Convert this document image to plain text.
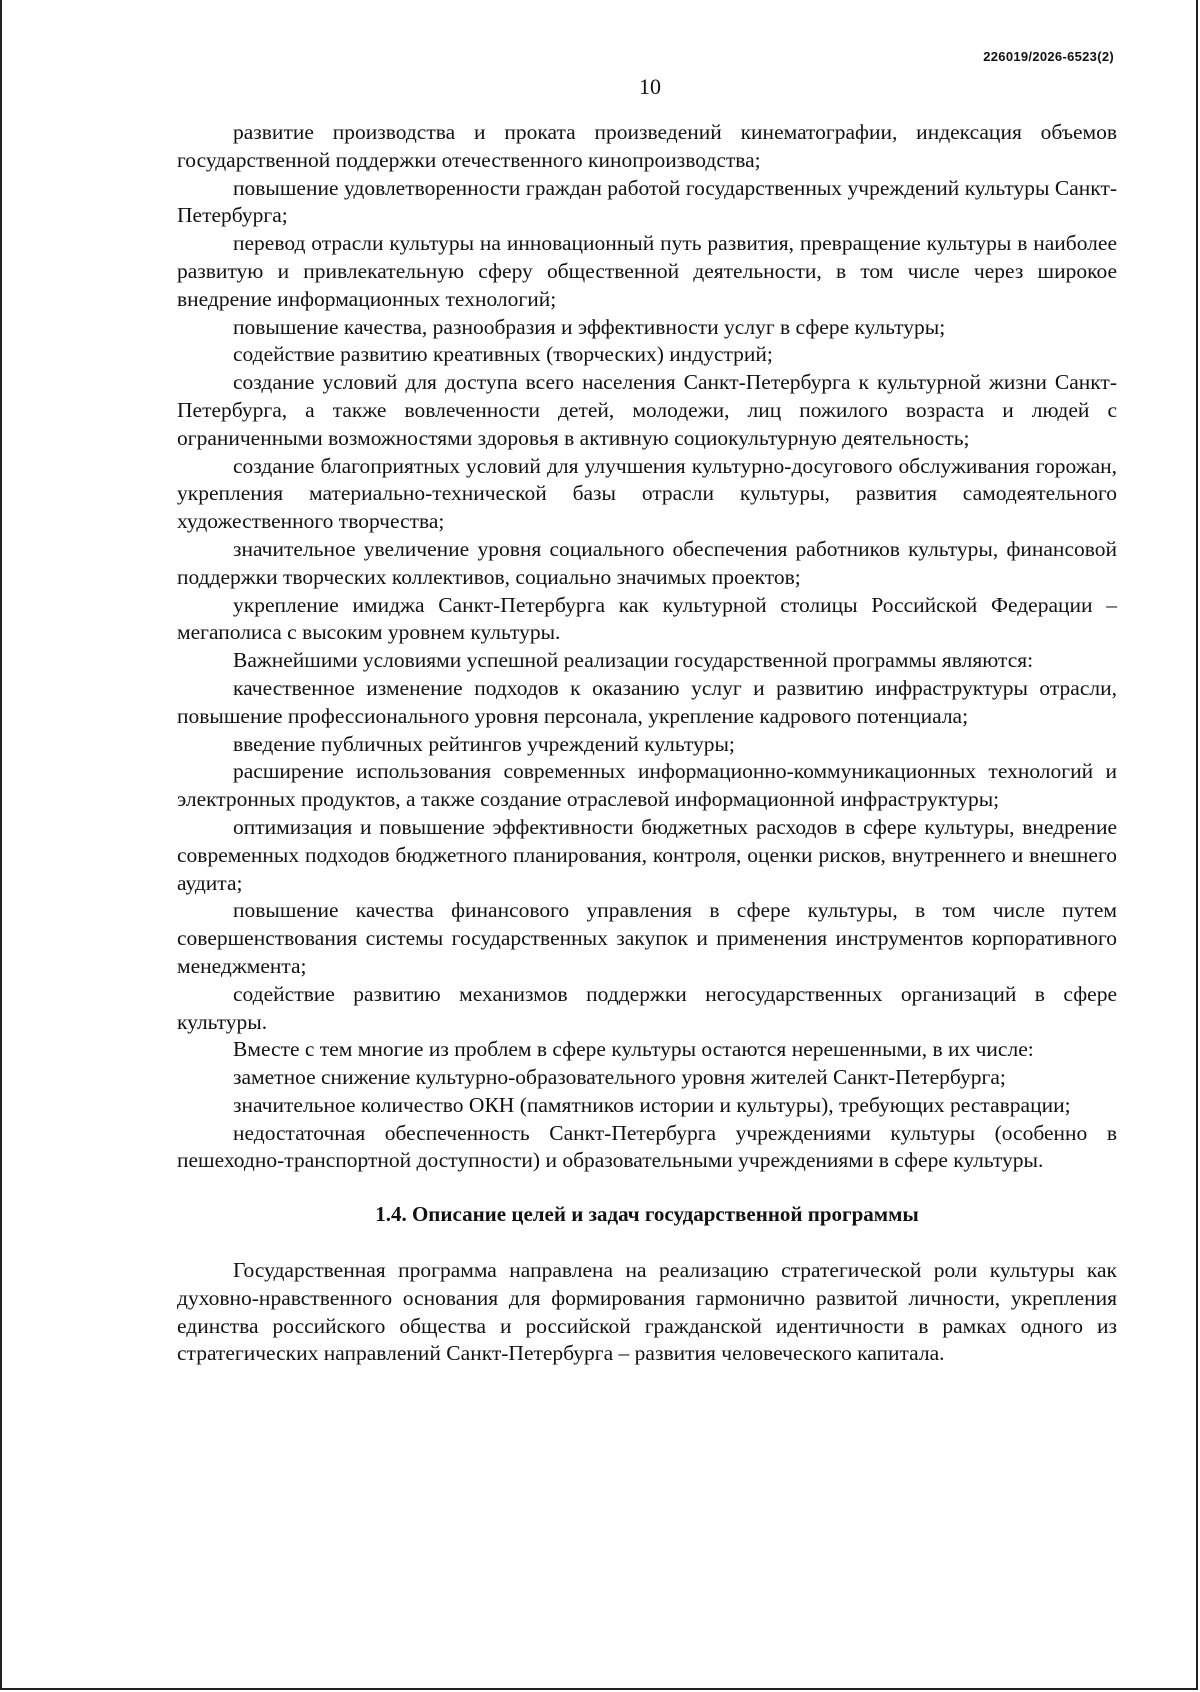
226019/2026-6523(2)
10

развитие производства и проката произведений кинематографии, индексация объемов государственной поддержки отечественного кинопроизводства;

повышение удовлетворенности граждан работой государственных учреждений культуры Санкт-Петербурга;

перевод отрасли культуры на инновационный путь развития, превращение культуры в наиболее развитую и привлекательную сферу общественной деятельности, в том числе через широкое внедрение информационных технологий;

повышение качества, разнообразия и эффективности услуг в сфере культуры;

содействие развитию креативных (творческих) индустрий;

создание условий для доступа всего населения Санкт-Петербурга к культурной жизни Санкт-Петербурга, а также вовлеченности детей, молодежи, лиц пожилого возраста и людей с ограниченными возможностями здоровья в активную социокультурную деятельность;

создание благоприятных условий для улучшения культурно-досугового обслуживания горожан, укрепления материально-технической базы отрасли культуры, развития самодеятельного художественного творчества;

значительное увеличение уровня социального обеспечения работников культуры, финансовой поддержки творческих коллективов, социально значимых проектов;

укрепление имиджа Санкт-Петербурга как культурной столицы Российской Федерации – мегаполиса с высоким уровнем культуры.

Важнейшими условиями успешной реализации государственной программы являются:

качественное изменение подходов к оказанию услуг и развитию инфраструктуры отрасли, повышение профессионального уровня персонала, укрепление кадрового потенциала;

введение публичных рейтингов учреждений культуры;

расширение использования современных информационно-коммуникационных технологий и электронных продуктов, а также создание отраслевой информационной инфраструктуры;

оптимизация и повышение эффективности бюджетных расходов в сфере культуры, внедрение современных подходов бюджетного планирования, контроля, оценки рисков, внутреннего и внешнего аудита;

повышение качества финансового управления в сфере культуры, в том числе путем совершенствования системы государственных закупок и применения инструментов корпоративного менеджмента;

содействие развитию механизмов поддержки негосударственных организаций в сфере культуры.

Вместе с тем многие из проблем в сфере культуры остаются нерешенными, в их числе:

заметное снижение культурно-образовательного уровня жителей Санкт-Петербурга;

значительное количество ОКН (памятников истории и культуры), требующих реставрации;

недостаточная обеспеченность Санкт-Петербурга учреждениями культуры (особенно в пешеходно-транспортной доступности) и образовательными учреждениями в сфере культуры.

1.4. Описание целей и задач государственной программы

Государственная программа направлена на реализацию стратегической роли культуры как духовно-нравственного основания для формирования гармонично развитой личности, укрепления единства российского общества и российской гражданской идентичности в рамках одного из стратегических направлений Санкт-Петербурга – развития человеческого капитала.
